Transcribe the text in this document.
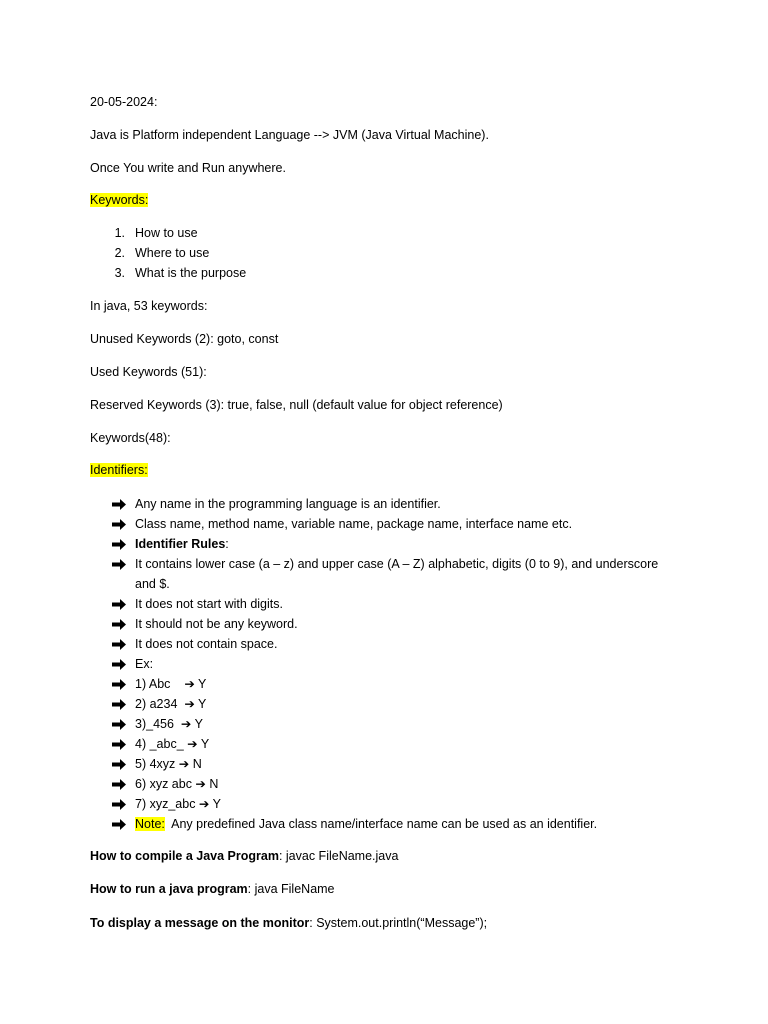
20-05-2024:
Java is Platform independent Language --> JVM (Java Virtual Machine).
Once You write and Run anywhere.
Keywords:
1. How to use
2. Where to use
3. What is the purpose
In java, 53 keywords:
Unused Keywords (2): goto, const
Used Keywords (51):
Reserved Keywords (3): true, false, null (default value for object reference)
Keywords(48):
Identifiers:
Any name in the programming language is an identifier.
Class name, method name, variable name, package name, interface name etc.
Identifier Rules:
It contains lower case (a – z) and upper case (A – Z) alphabetic, digits (0 to 9), and underscore
and $.
It does not start with digits.
It should not be any keyword.
It does not contain space.
Ex:
1) Abc    ➔ Y
2) a234  ➔ Y
3)_456  ➔ Y
4) _abc_ ➔ Y
5) 4xyz ➔ N
6) xyz abc ➔ N
7) xyz_abc ➔ Y
Note:  Any predefined Java class name/interface name can be used as an identifier.
How to compile a Java Program: javac FileName.java
How to run a java program: java FileName
To display a message on the monitor: System.out.println(“Message”);
